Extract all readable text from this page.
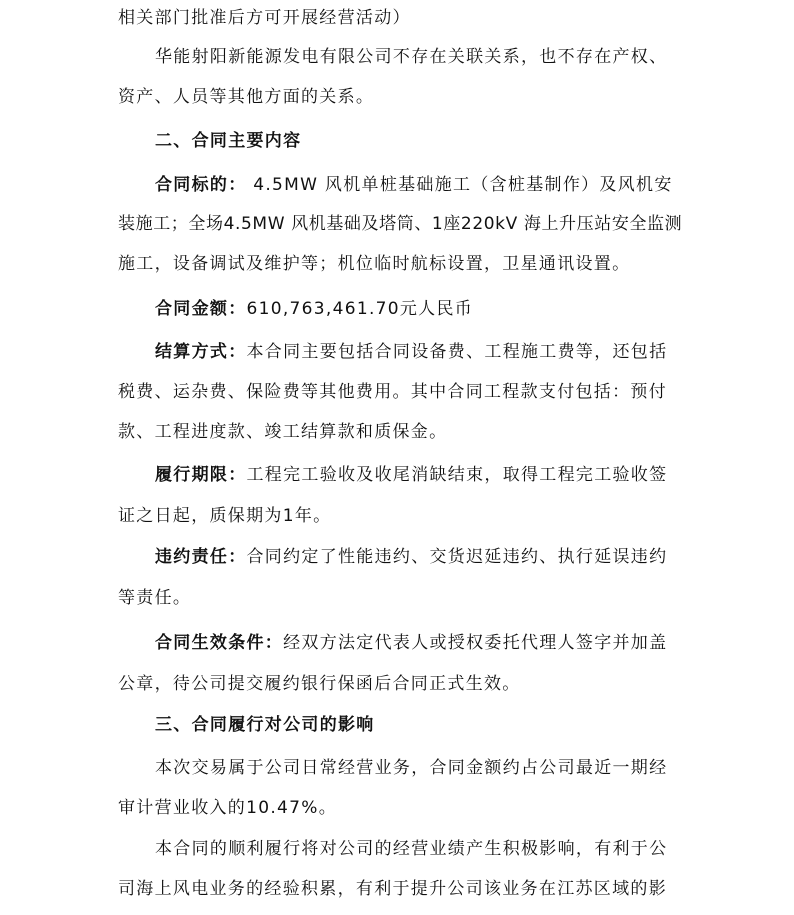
相关部门批准后方可开展经营活动）
华能射阳新能源发电有限公司不存在关联关系，也不存在产权、
资产、人员等其他方面的关系。
二、合同主要内容
合同标的： 4.5MW 风机单桩基础施工（含桩基制作）及风机安
装施工；全场4.5MW 风机基础及塔筒、1座220kV 海上升压站安全监测
施工，设备调试及维护等；机位临时航标设置，卫星通讯设置。
合同金额：610,763,461.70元人民币
结算方式：本合同主要包括合同设备费、工程施工费等，还包括
税费、运杂费、保险费等其他费用。其中合同工程款支付包括：预付
款、工程进度款、竣工结算款和质保金。
履行期限：工程完工验收及收尾消缺结束，取得工程完工验收签
证之日起，质保期为1年。
违约责任：合同约定了性能违约、交货迟延违约、执行延误违约
等责任。
合同生效条件：经双方法定代表人或授权委托代理人签字并加盖
公章，待公司提交履约银行保函后合同正式生效。
三、合同履行对公司的影响
本次交易属于公司日常经营业务，合同金额约占公司最近一期经
审计营业收入的10.47%。
本合同的顺利履行将对公司的经营业绩产生积极影响，有利于公
司海上风电业务的经验积累，有利于提升公司该业务在江苏区域的影
